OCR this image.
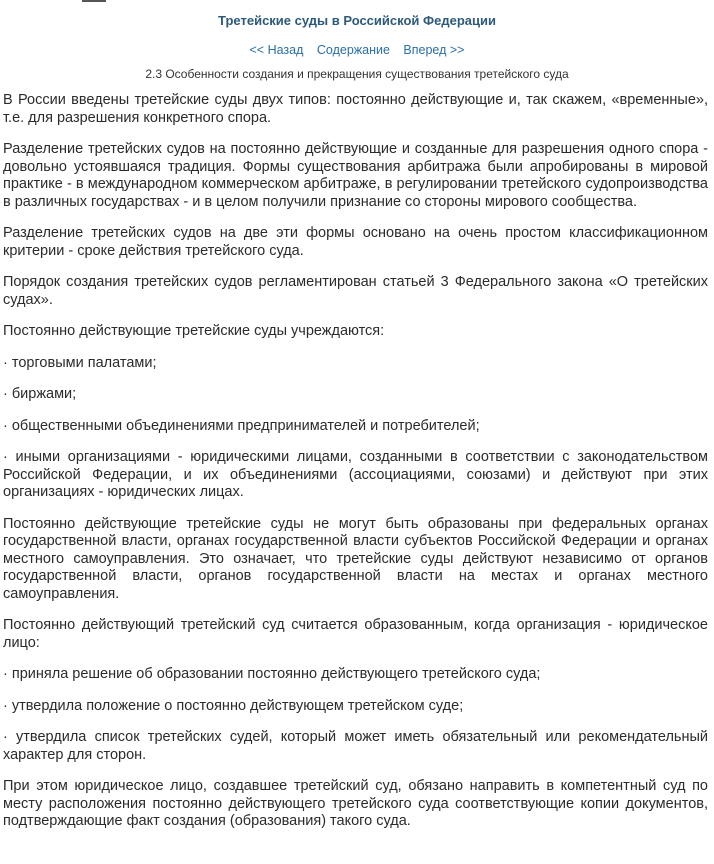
Третейские суды в Российской Федерации
<< Назад Содержание Вперед >>
2.3 Особенности создания и прекращения существования третейского суда

В России введены третейские суды двух типов: постоянно действующие и, так скажем, «временные», т.е. для разрешения конкретного спора.

Разделение третейских судов на постоянно действующие и созданные для разрешения одного спора - довольно устоявшаяся традиция. Формы существования арбитража были апробированы в мировой практике - в международном коммерческом арбитраже, в регулировании третейского судопроизводства в различных государствах - и в целом получили признание со стороны мирового сообщества.

Разделение третейских судов на две эти формы основано на очень простом классификационном критерии - сроке действия третейского суда.

Порядок создания третейских судов регламентирован статьей 3 Федерального закона «О третейских судах».

Постоянно действующие третейские суды учреждаются:

· торговыми палатами;

· биржами;

· общественными объединениями предпринимателей и потребителей;

· иными организациями - юридическими лицами, созданными в соответствии с законодательством Российской Федерации, и их объединениями (ассоциациями, союзами) и действуют при этих организациях - юридических лицах.

Постоянно действующие третейские суды не могут быть образованы при федеральных органах государственной власти, органах государственной власти субъектов Российской Федерации и органах местного самоуправления. Это означает, что третейские суды действуют независимо от органов государственной власти, органов государственной власти на местах и органах местного самоуправления.

Постоянно действующий третейский суд считается образованным, когда организация - юридическое лицо:

· приняла решение об образовании постоянно действующего третейского суда;

· утвердила положение о постоянно действующем третейском суде;

· утвердила список третейских судей, который может иметь обязательный или рекомендательный характер для сторон.

При этом юридическое лицо, создавшее третейский суд, обязано направить в компетентный суд по месту расположения постоянно действующего третейского суда соответствующие копии документов, подтверждающие факт создания (образования) такого суда.
